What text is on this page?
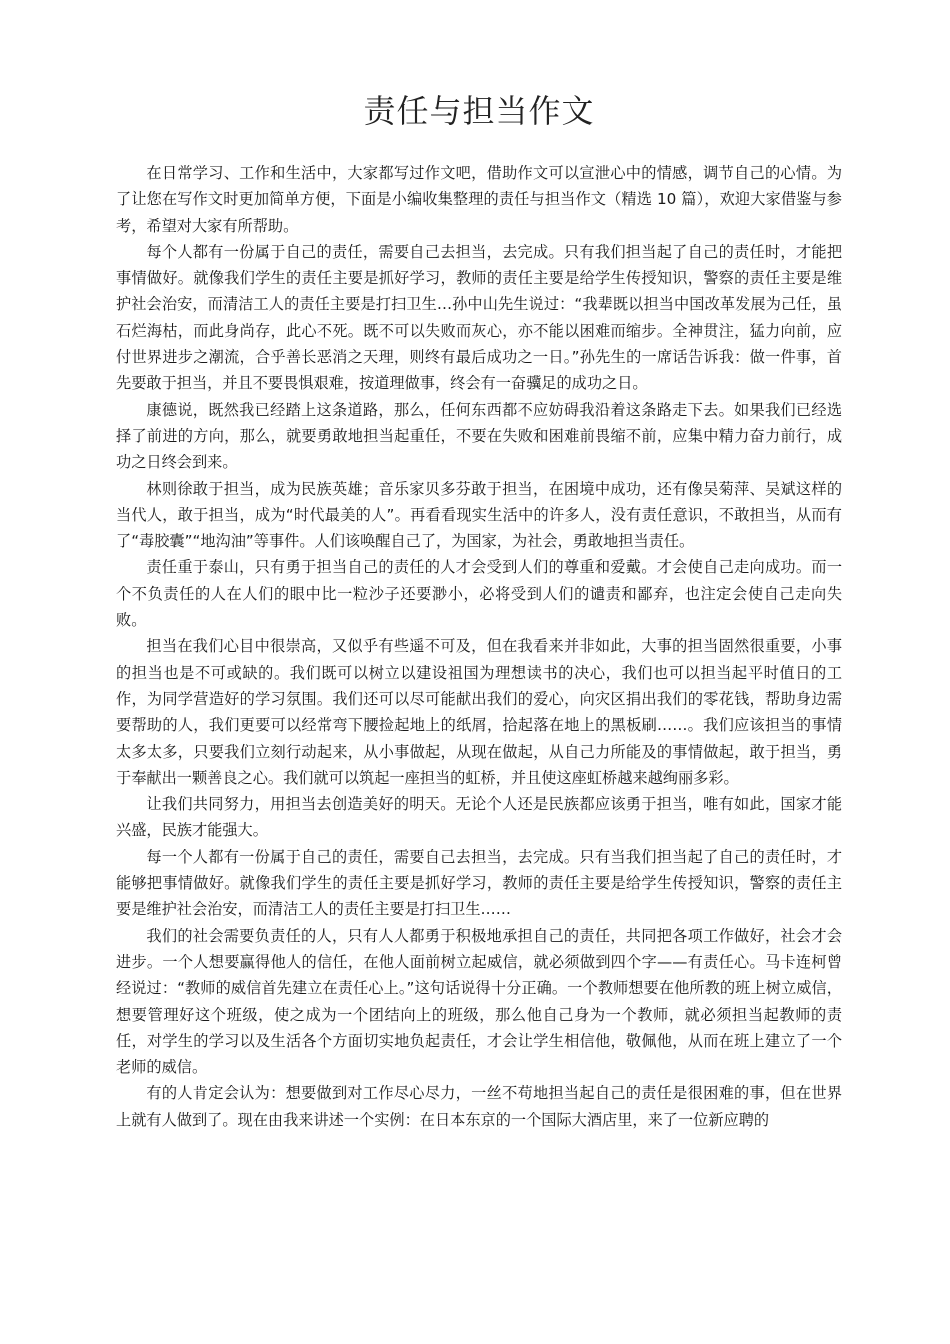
责任与担当作文

在日常学习、工作和生活中，大家都写过作文吧，借助作文可以宣泄心中的情感，调节自己的心情。为了让您在写作文时更加简单方便，下面是小编收集整理的责任与担当作文（精选 10 篇），欢迎大家借鉴与参考，希望对大家有所帮助。

每个人都有一份属于自己的责任，需要自己去担当，去完成。只有我们担当起了自己的责任时，才能把事情做好。就像我们学生的责任主要是抓好学习，教师的责任主要是给学生传授知识，警察的责任主要是维护社会治安，而清洁工人的责任主要是打扫卫生…孙中山先生说过：“我辈既以担当中国改革发展为己任，虽石烂海枯，而此身尚存，此心不死。既不可以失败而灰心，亦不能以困难而缩步。全神贯注，猛力向前，应付世界进步之潮流，合乎善长恶消之天理，则终有最后成功之一日。”孙先生的一席话告诉我：做一件事，首先要敢于担当，并且不要畏惧艰难，按道理做事，终会有一奋骥足的成功之日。

康德说，既然我已经踏上这条道路，那么，任何东西都不应妨碍我沿着这条路走下去。如果我们已经选择了前进的方向，那么，就要勇敢地担当起重任，不要在失败和困难前畏缩不前，应集中精力奋力前行，成功之日终会到来。

林则徐敢于担当，成为民族英雄；音乐家贝多芬敢于担当，在困境中成功，还有像吴菊萍、吴斌这样的当代人，敢于担当，成为“时代最美的人”。再看看现实生活中的许多人，没有责任意识，不敢担当，从而有了“毒胶囊”“地沟油”等事件。人们该唤醒自己了，为国家，为社会，勇敢地担当责任。

责任重于泰山，只有勇于担当自己的责任的人才会受到人们的尊重和爱戴。才会使自己走向成功。而一个不负责任的人在人们的眼中比一粒沙子还要渺小，必将受到人们的谴责和鄙弃，也注定会使自己走向失败。

担当在我们心目中很崇高，又似乎有些遥不可及，但在我看来并非如此，大事的担当固然很重要，小事的担当也是不可或缺的。我们既可以树立以建设祖国为理想读书的决心，我们也可以担当起平时值日的工作，为同学营造好的学习氛围。我们还可以尽可能献出我们的爱心，向灾区捐出我们的零花钱，帮助身边需要帮助的人，我们更要可以经常弯下腰捡起地上的纸屑，拾起落在地上的黑板刷……。我们应该担当的事情太多太多，只要我们立刻行动起来，从小事做起，从现在做起，从自己力所能及的事情做起，敢于担当，勇于奉献出一颗善良之心。我们就可以筑起一座担当的虹桥，并且使这座虹桥越来越绚丽多彩。

让我们共同努力，用担当去创造美好的明天。无论个人还是民族都应该勇于担当，唯有如此，国家才能兴盛，民族才能强大。

每一个人都有一份属于自己的责任，需要自己去担当，去完成。只有当我们担当起了自己的责任时，才能够把事情做好。就像我们学生的责任主要是抓好学习，教师的责任主要是给学生传授知识，警察的责任主要是维护社会治安，而清洁工人的责任主要是打扫卫生……

我们的社会需要负责任的人，只有人人都勇于积极地承担自己的责任，共同把各项工作做好，社会才会进步。一个人想要赢得他人的信任，在他人面前树立起威信，就必须做到四个字——有责任心。马卡连柯曾经说过：“教师的威信首先建立在责任心上。”这句话说得十分正确。一个教师想要在他所教的班上树立威信，想要管理好这个班级，使之成为一个团结向上的班级，那么他自己身为一个教师，就必须担当起教师的责任，对学生的学习以及生活各个方面切实地负起责任，才会让学生相信他，敬佩他，从而在班上建立了一个老师的威信。

有的人肯定会认为：想要做到对工作尽心尽力，一丝不苟地担当起自己的责任是很困难的事，但在世界上就有人做到了。现在由我来讲述一个实例：在日本东京的一个国际大酒店里，来了一位新应聘的
